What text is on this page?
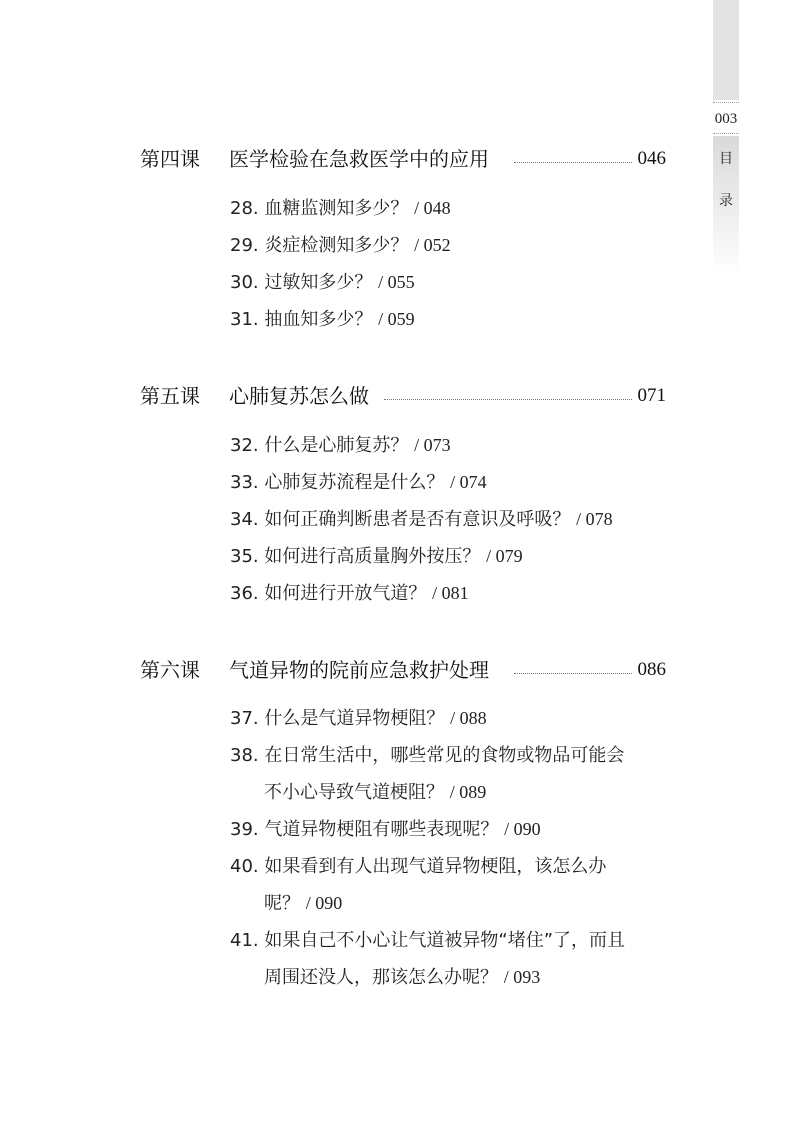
003
目
录
第四课 医学检验在急救医学中的应用	046
28. 血糖监测知多少？ / 048
29. 炎症检测知多少？ / 052
30. 过敏知多少？ / 055
31. 抽血知多少？ / 059
第五课 心肺复苏怎么做	071
32. 什么是心肺复苏？ / 073
33. 心肺复苏流程是什么？ / 074
34. 如何正确判断患者是否有意识及呼吸？ / 078
35. 如何进行高质量胸外按压？ / 079
36. 如何进行开放气道？ / 081
第六课 气道异物的院前应急救护处理	086
37. 什么是气道异物梗阻？ / 088
38. 在日常生活中，哪些常见的食物或物品可能会
不小心导致气道梗阻？ / 089
39. 气道异物梗阻有哪些表现呢？ / 090
40. 如果看到有人出现气道异物梗阻，该怎么办
呢？ / 090
41. 如果自己不小心让气道被异物“堵住”了，而且
周围还没人，那该怎么办呢？ / 093
